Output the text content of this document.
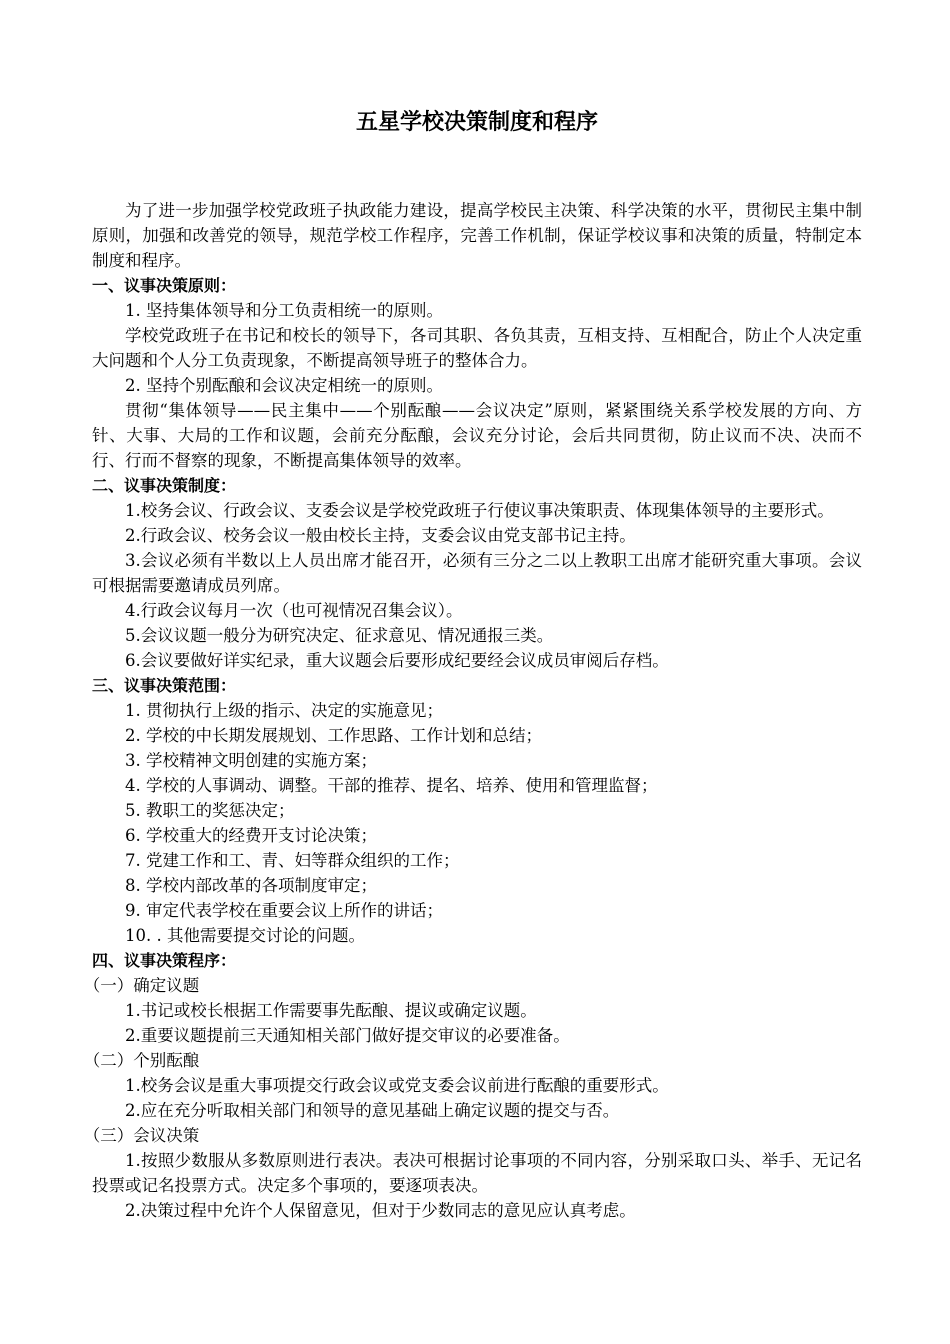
五星学校决策制度和程序

为了进一步加强学校党政班子执政能力建设，提高学校民主决策、科学决策的水平，贯彻民主集中制原则，加强和改善党的领导，规范学校工作程序，完善工作机制，保证学校议事和决策的质量，特制定本制度和程序。

一、议事决策原则：

1. 坚持集体领导和分工负责相统一的原则。

学校党政班子在书记和校长的领导下，各司其职、各负其责，互相支持、互相配合，防止个人决定重大问题和个人分工负责现象，不断提高领导班子的整体合力。

2. 坚持个别酝酿和会议决定相统一的原则。

贯彻“集体领导——民主集中——个别酝酿——会议决定”原则，紧紧围绕关系学校发展的方向、方针、大事、大局的工作和议题，会前充分酝酿，会议充分讨论，会后共同贯彻，防止议而不决、决而不行、行而不督察的现象，不断提高集体领导的效率。

二、议事决策制度：

1.校务会议、行政会议、支委会议是学校党政班子行使议事决策职责、体现集体领导的主要形式。

2.行政会议、校务会议一般由校长主持，支委会议由党支部书记主持。

3.会议必须有半数以上人员出席才能召开，必须有三分之二以上教职工出席才能研究重大事项。会议可根据需要邀请成员列席。

4.行政会议每月一次（也可视情况召集会议）。

5.会议议题一般分为研究决定、征求意见、情况通报三类。

6.会议要做好详实纪录，重大议题会后要形成纪要经会议成员审阅后存档。

三、议事决策范围：

1. 贯彻执行上级的指示、决定的实施意见；

2. 学校的中长期发展规划、工作思路、工作计划和总结；

3. 学校精神文明创建的实施方案；

4. 学校的人事调动、调整。干部的推荐、提名、培养、使用和管理监督；

5. 教职工的奖惩决定；

6. 学校重大的经费开支讨论决策；

7. 党建工作和工、青、妇等群众组织的工作；

8. 学校内部改革的各项制度审定；

9. 审定代表学校在重要会议上所作的讲话；

10. . 其他需要提交讨论的问题。

四、议事决策程序：

（一）确定议题

1.书记或校长根据工作需要事先酝酿、提议或确定议题。

2.重要议题提前三天通知相关部门做好提交审议的必要准备。

（二）个别酝酿

1.校务会议是重大事项提交行政会议或党支委会议前进行酝酿的重要形式。

2.应在充分听取相关部门和领导的意见基础上确定议题的提交与否。

（三）会议决策

1.按照少数服从多数原则进行表决。表决可根据讨论事项的不同内容，分别采取口头、举手、无记名投票或记名投票方式。决定多个事项的，要逐项表决。

2.决策过程中允许个人保留意见，但对于少数同志的意见应认真考虑。
